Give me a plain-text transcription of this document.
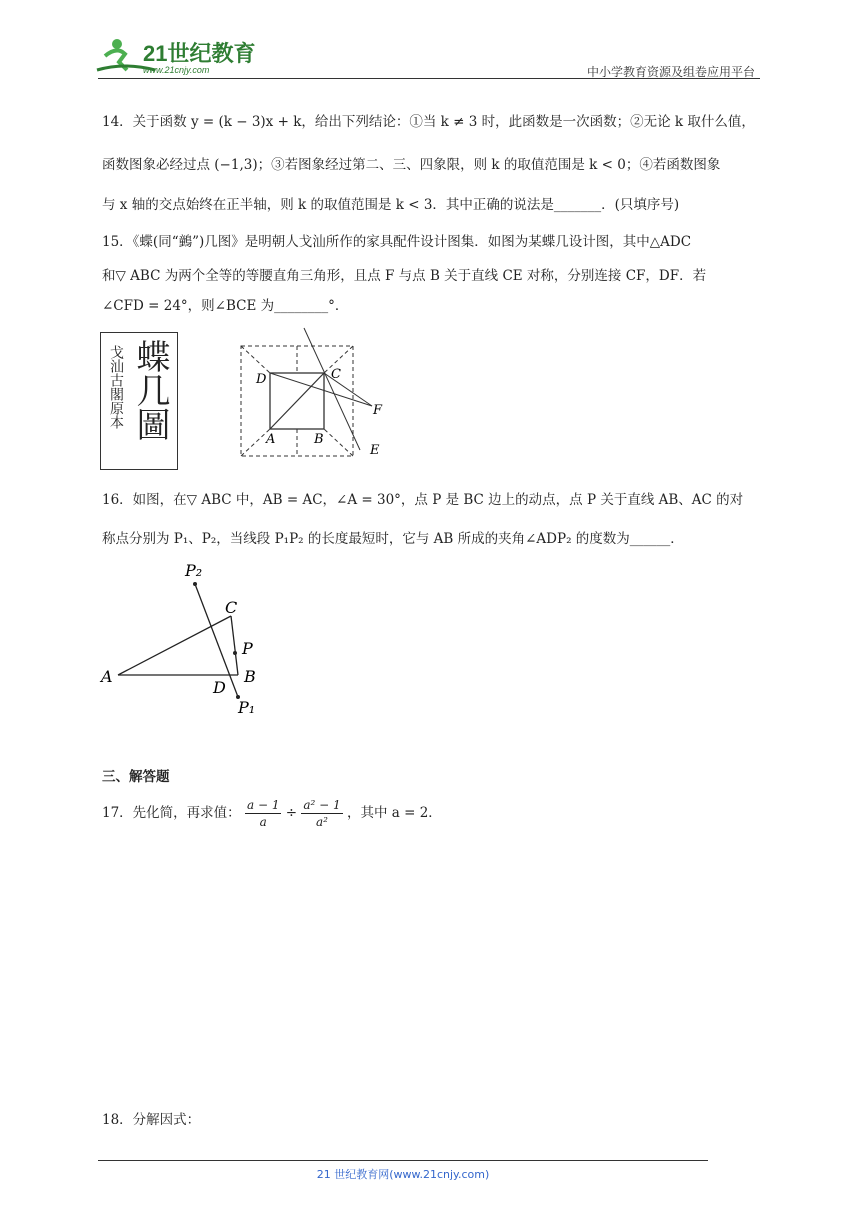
21世纪教育
www.21cnjy.com	中小学教育资源及组卷应用平台
14．关于函数 y = (k − 3)x + k，给出下列结论：①当 k ≠ 3 时，此函数是一次函数；②无论 k 取什么值，
函数图象必经过点 (−1,3)；③若图象经过第二、三、四象限，则 k 的取值范围是 k < 0；④若函数图象
与 x 轴的交点始终在正半轴，则 k 的取值范围是 k < 3．其中正确的说法是_______．(只填序号)
15．《蝶(同“䴀”)几图》是明朝人戈汕所作的家具配件设计图集．如图为某蝶几设计图，其中△ADC
和▽ ABC 为两个全等的等腰直角三角形，且点 F 与点 B 关于直线 CE 对称，分别连接 CF，DF．若
∠CFD = 24°，则∠BCE 为________°．
戈汕古閣原本 蝶几圖	D	C
A	B
F
E
16．如图，在▽ ABC 中，AB = AC，∠A = 30°，点 P 是 BC 边上的动点，点 P 关于直线 AB、AC 的对
称点分别为 P₁、P₂，当线段 P₁P₂ 的长度最短时，它与 AB 所成的夹角∠ADP₂ 的度数为______．
P₂
C
P
A	B
D
P₁
三、解答题
17．先化简，再求值： $\frac{a - 1}{a} \div \frac{\text{a² − 1}}{\text{a²}}$ ，其中 a = 2．
18．分解因式：
21 世纪教育网(www.21cnjy.com)
